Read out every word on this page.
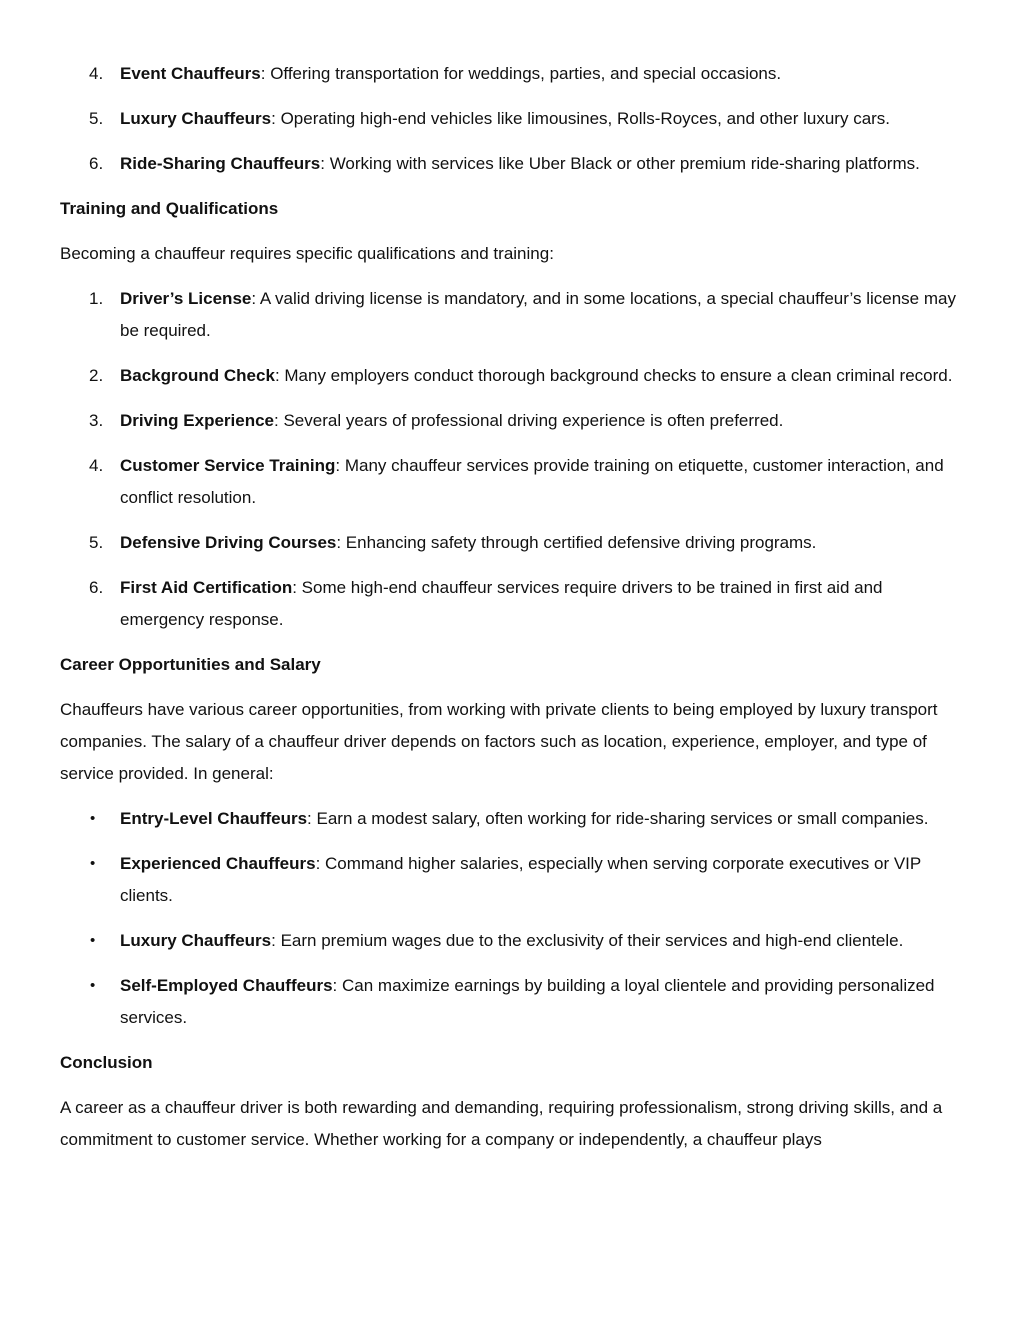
4. Event Chauffeurs: Offering transportation for weddings, parties, and special occasions.
5. Luxury Chauffeurs: Operating high-end vehicles like limousines, Rolls-Royces, and other luxury cars.
6. Ride-Sharing Chauffeurs: Working with services like Uber Black or other premium ride-sharing platforms.
Training and Qualifications

Becoming a chauffeur requires specific qualifications and training:

1. Driver’s License: A valid driving license is mandatory, and in some locations, a special chauffeur’s license may be required.
2. Background Check: Many employers conduct thorough background checks to ensure a clean criminal record.
3. Driving Experience: Several years of professional driving experience is often preferred.
4. Customer Service Training: Many chauffeur services provide training on etiquette, customer interaction, and conflict resolution.
5. Defensive Driving Courses: Enhancing safety through certified defensive driving programs.
6. First Aid Certification: Some high-end chauffeur services require drivers to be trained in first aid and emergency response.
Career Opportunities and Salary

Chauffeurs have various career opportunities, from working with private clients to being employed by luxury transport companies. The salary of a chauffeur driver depends on factors such as location, experience, employer, and type of service provided. In general:

• Entry-Level Chauffeurs: Earn a modest salary, often working for ride-sharing services or small companies.
• Experienced Chauffeurs: Command higher salaries, especially when serving corporate executives or VIP clients.
• Luxury Chauffeurs: Earn premium wages due to the exclusivity of their services and high-end clientele.
• Self-Employed Chauffeurs: Can maximize earnings by building a loyal clientele and providing personalized services.
Conclusion

A career as a chauffeur driver is both rewarding and demanding, requiring professionalism, strong driving skills, and a commitment to customer service. Whether working for a company or independently, a chauffeur plays
